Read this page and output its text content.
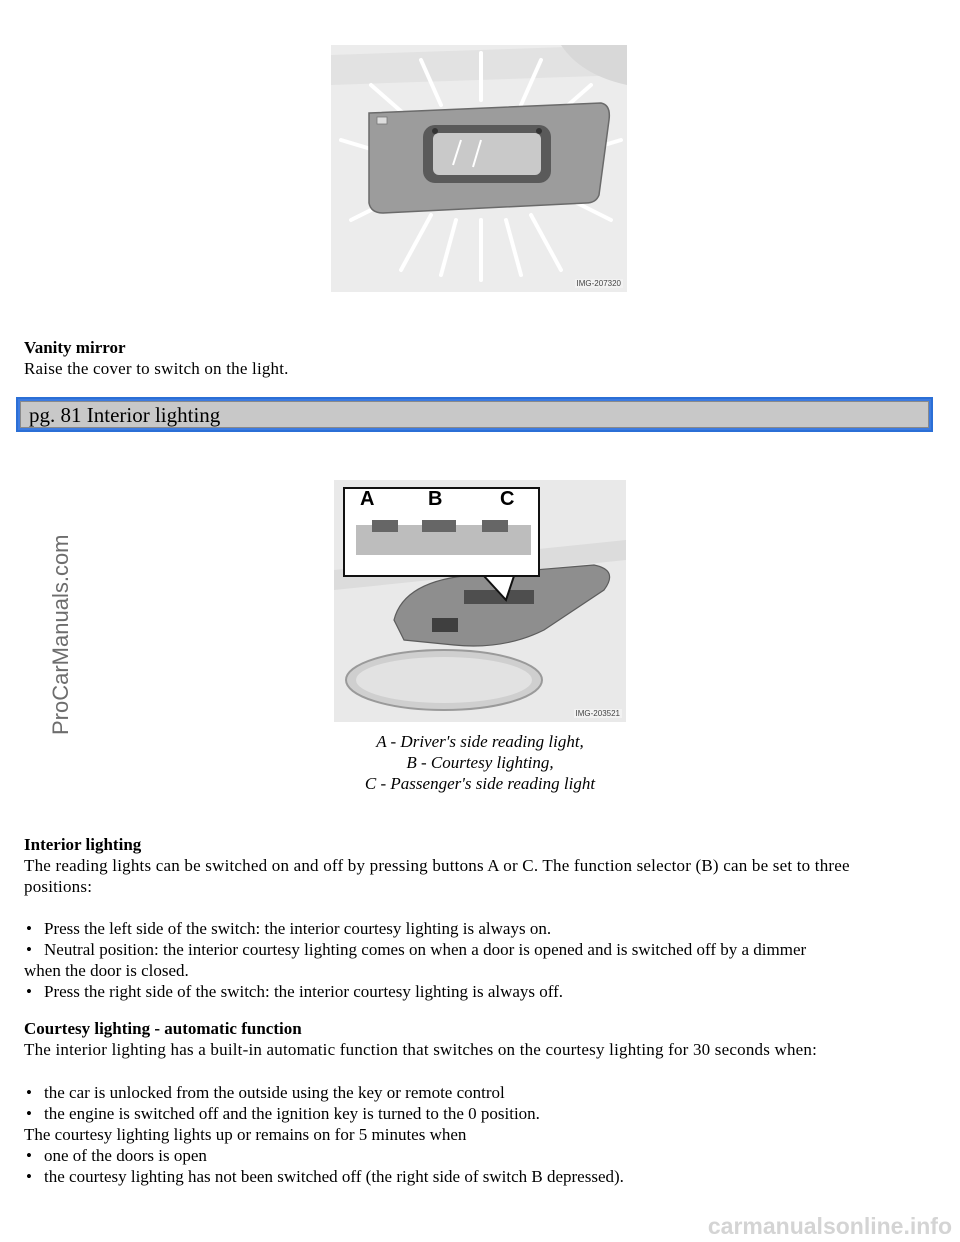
IMG-207320
Vanity mirror
Raise the cover to switch on the light.
pg. 81 Interior lighting
A	B	C
IMG-203521
A - Driver's side reading light,
B - Courtesy lighting,
C - Passenger's side reading light
Interior lighting
The reading lights can be switched on and off by pressing buttons A or C. The function selector (B) can be set to three
positions:
• Press the left side of the switch: the interior courtesy lighting is always on.
• Neutral position: the interior courtesy lighting comes on when a door is opened and is switched off by a dimmer
when the door is closed.
• Press the right side of the switch: the interior courtesy lighting is always off.
Courtesy lighting - automatic function
The interior lighting has a built-in automatic function that switches on the courtesy lighting for 30 seconds when:
• the car is unlocked from the outside using the key or remote control
• the engine is switched off and the ignition key is turned to the 0 position.
The courtesy lighting lights up or remains on for 5 minutes when
• one of the doors is open
• the courtesy lighting has not been switched off (the right side of switch B depressed).
ProCarManuals.com
carmanualsonline.info
